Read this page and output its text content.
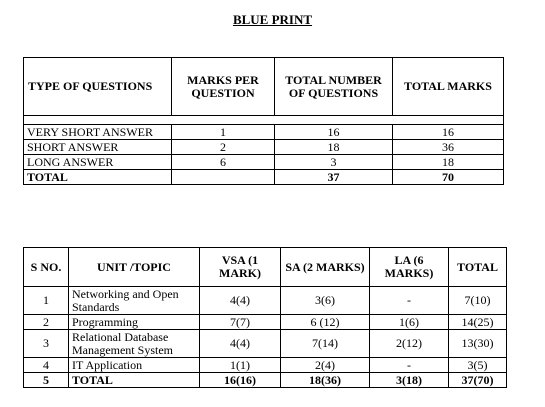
BLUE PRINT
TYPE OF QUESTIONS	MARKS PER QUESTION	TOTAL NUMBER OF QUESTIONS	TOTAL MARKS

VERY SHORT ANSWER	1	16	16
SHORT ANSWER	2	18	36
LONG ANSWER	6	3	18
TOTAL		37	70
S NO.	UNIT /TOPIC	VSA (1 MARK)	SA (2 MARKS)	LA (6 MARKS)	TOTAL
1	Networking and Open Standards	4(4)	3(6)	-	7(10)
2	Programming	7(7)	6 (12)	1(6)	14(25)
3	Relational Database Management System	4(4)	7(14)	2(12)	13(30)
4	IT Application	1(1)	2(4)	-	3(5)
5	TOTAL	16(16)	18(36)	3(18)	37(70)
